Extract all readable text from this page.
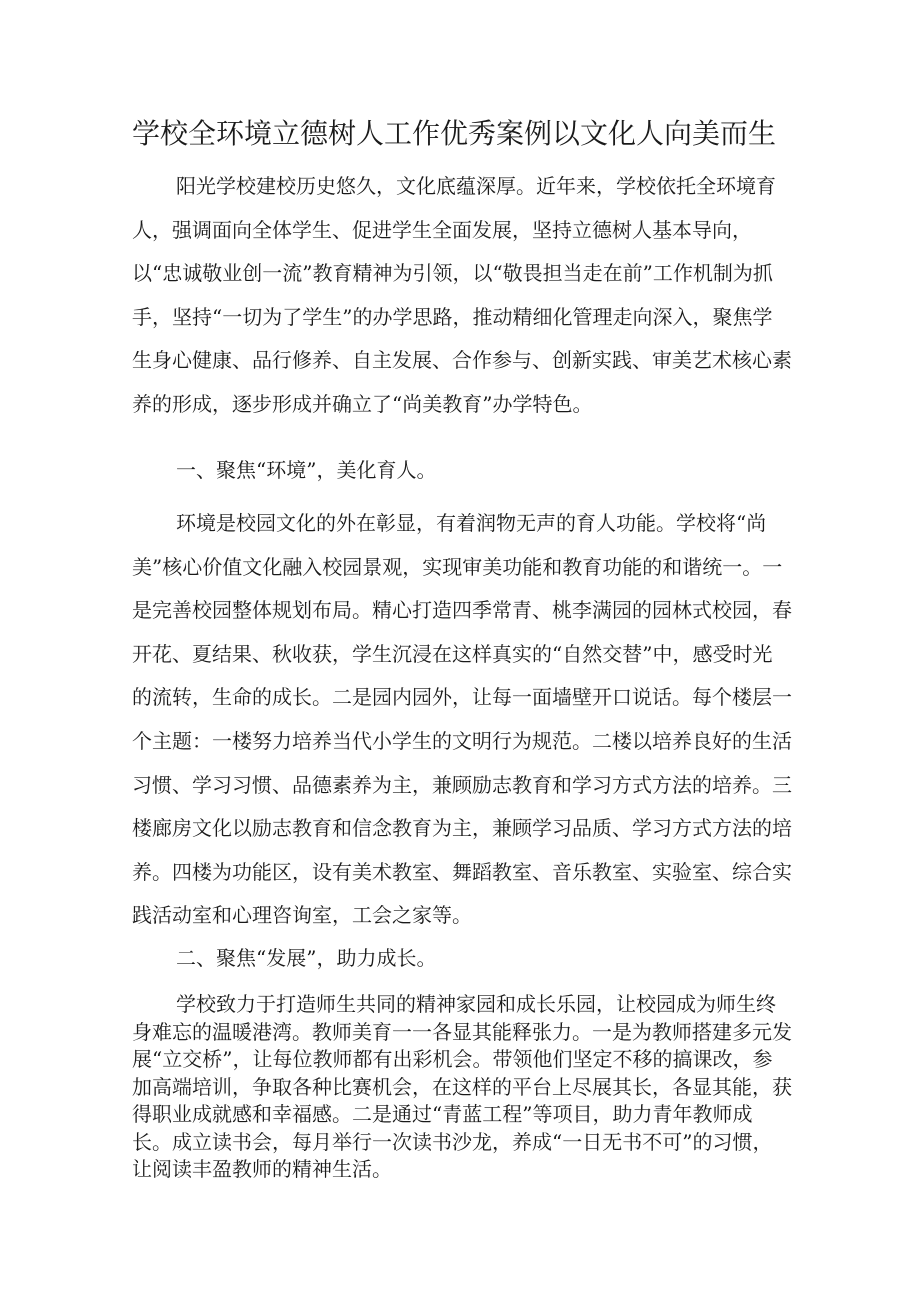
学校全环境立德树人工作优秀案例以文化人向美而生
阳光学校建校历史悠久，文化底蕴深厚。近年来，学校依托全环境育人，强调面向全体学生、促进学生全面发展，坚持立德树人基本导向，以“忠诚敬业创一流”教育精神为引领，以“敬畏担当走在前”工作机制为抓手，坚持“一切为了学生”的办学思路，推动精细化管理走向深入，聚焦学生身心健康、品行修养、自主发展、合作参与、创新实践、审美艺术核心素养的形成，逐步形成并确立了“尚美教育”办学特色。
一、聚焦“环境”，美化育人。
环境是校园文化的外在彰显，有着润物无声的育人功能。学校将“尚美”核心价值文化融入校园景观，实现审美功能和教育功能的和谐统一。一是完善校园整体规划布局。精心打造四季常青、桃李满园的园林式校园，春开花、夏结果、秋收获，学生沉浸在这样真实的“自然交替”中，感受时光的流转，生命的成长。二是园内园外，让每一面墙壁开口说话。每个楼层一个主题：一楼努力培养当代小学生的文明行为规范。二楼以培养良好的生活习惯、学习习惯、品德素养为主，兼顾励志教育和学习方式方法的培养。三楼廊房文化以励志教育和信念教育为主，兼顾学习品质、学习方式方法的培养。四楼为功能区，设有美术教室、舞蹈教室、音乐教室、实验室、综合实践活动室和心理咨询室，工会之家等。
二、聚焦“发展”，助力成长。
学校致力于打造师生共同的精神家园和成长乐园，让校园成为师生终身难忘的温暖港湾。教师美育一一各显其能释张力。一是为教师搭建多元发展“立交桥”，让每位教师都有出彩机会。带领他们坚定不移的搞课改，参加高端培训，争取各种比赛机会，在这样的平台上尽展其长，各显其能，获得职业成就感和幸福感。二是通过“青蓝工程”等项目，助力青年教师成长。成立读书会，每月举行一次读书沙龙，养成“一日无书不可”的习惯，让阅读丰盈教师的精神生活。
